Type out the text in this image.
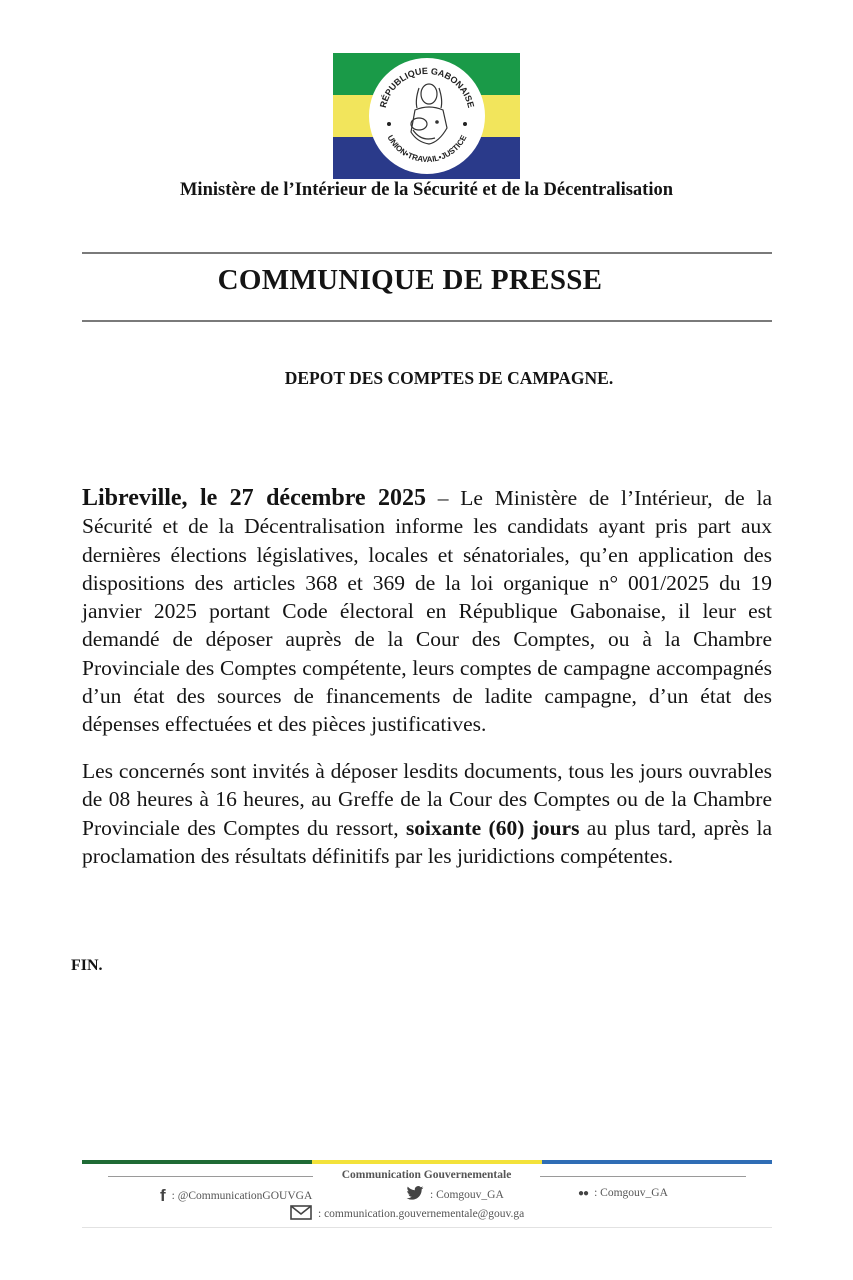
RÉPUBLIQUE GABONAISE
UNION•TRAVAIL•JUSTICE
Ministère de l’Intérieur de la Sécurité et de la Décentralisation
COMMUNIQUE DE PRESSE
DEPOT DES COMPTES DE CAMPAGNE.

Libreville, le 27 décembre 2025 – Le Ministère de l’Intérieur, de la Sécurité et de la Décentralisation informe les candidats ayant pris part aux dernières élections législatives, locales et sénatoriales, qu’en application des dispositions des articles 368 et 369 de la loi organique n° 001/2025 du 19 janvier 2025 portant Code électoral en République Gabonaise, il leur est demandé de déposer auprès de la Cour des Comptes, ou à la Chambre Provinciale des Comptes compétente, leurs comptes de campagne accompagnés d’un état des sources de financements de ladite campagne, d’un état des dépenses effectuées et des pièces justificatives.

Les concernés sont invités à déposer lesdits documents, tous les jours ouvrables de 08 heures à 16 heures, au Greffe de la Cour des Comptes ou de la Chambre Provinciale des Comptes du ressort, soixante (60) jours au plus tard, après la proclamation des résultats définitifs par les juridictions compétentes.

FIN.
Communication Gouvernementale
f : @CommunicationGOUVGA	: Comgouv_GA	●● : Comgouv_GA
: communication.gouvernementale@gouv.ga
